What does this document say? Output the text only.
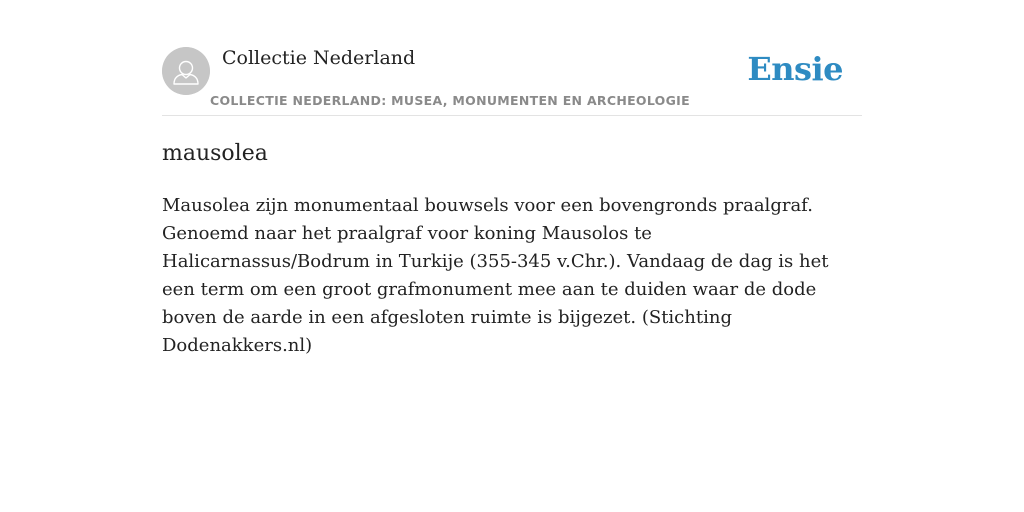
Collectie Nederland
COLLECTIE NEDERLAND: MUSEA, MONUMENTEN EN ARCHEOLOGIE
Ensie
mausolea

Mausolea zijn monumentaal bouwsels voor een bovengronds praalgraf. Genoemd naar het praalgraf voor koning Mausolos te Halicarnassus/Bodrum in Turkije (355-345 v.Chr.). Vandaag de dag is het een term om een groot grafmonument mee aan te duiden waar de dode boven de aarde in een afgesloten ruimte is bijgezet. (Stichting Dodenakkers.nl)
